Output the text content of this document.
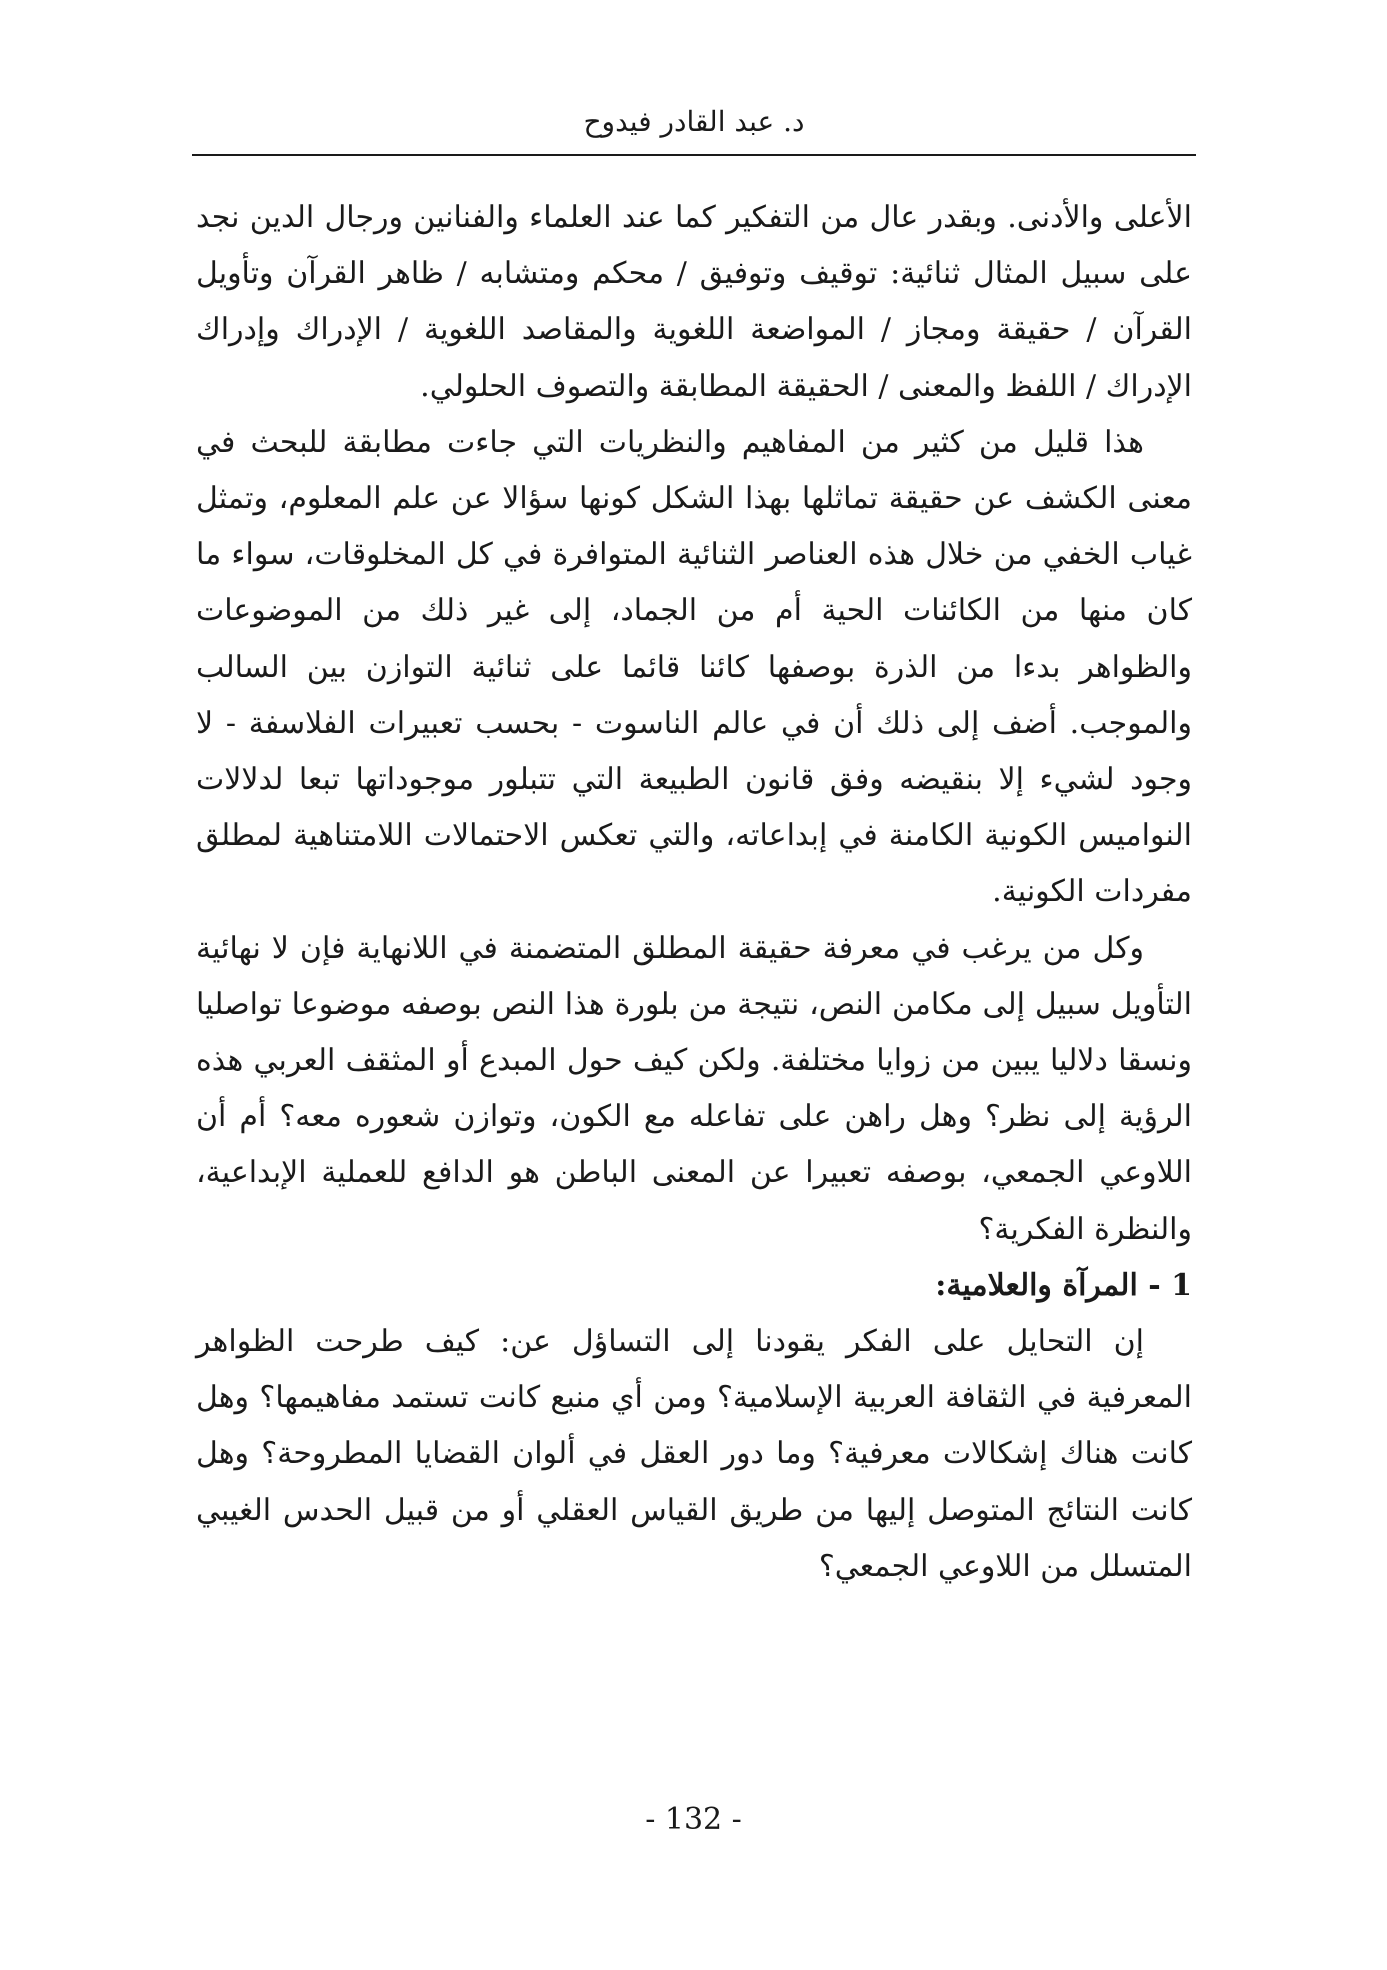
د. عبد القادر فيدوح

الأعلى والأدنى. وبقدر عال من التفكير كما عند العلماء والفنانين ورجال الدين نجد على سبيل المثال ثنائية: توقيف وتوفيق / محكم ومتشابه / ظاهر القرآن وتأويل القرآن / حقيقة ومجاز / المواضعة اللغوية والمقاصد اللغوية / الإدراك وإدراك الإدراك / اللفظ والمعنى / الحقيقة المطابقة والتصوف الحلولي.

هذا قليل من كثير من المفاهيم والنظريات التي جاءت مطابقة للبحث في معنى الكشف عن حقيقة تماثلها بهذا الشكل كونها سؤالا عن علم المعلوم، وتمثل غياب الخفي من خلال هذه العناصر الثنائية المتوافرة في كل المخلوقات، سواء ما كان منها من الكائنات الحية أم من الجماد، إلى غير ذلك من الموضوعات والظواهر بدءا من الذرة بوصفها كائنا قائما على ثنائية التوازن بين السالب والموجب. أضف إلى ذلك أن في عالم الناسوت - بحسب تعبيرات الفلاسفة - لا وجود لشيء إلا بنقيضه وفق قانون الطبيعة التي تتبلور موجوداتها تبعا لدلالات النواميس الكونية الكامنة في إبداعاته، والتي تعكس الاحتمالات اللامتناهية لمطلق مفردات الكونية.

وكل من يرغب في معرفة حقيقة المطلق المتضمنة في اللانهاية فإن لا نهائية التأويل سبيل إلى مكامن النص، نتيجة من بلورة هذا النص بوصفه موضوعا تواصليا ونسقا دلاليا يبين من زوايا مختلفة. ولكن كيف حول المبدع أو المثقف العربي هذه الرؤية إلى نظر؟ وهل راهن على تفاعله مع الكون، وتوازن شعوره معه؟ أم أن اللاوعي الجمعي، بوصفه تعبيرا عن المعنى الباطن هو الدافع للعملية الإبداعية، والنظرة الفكرية؟

1 - المرآة والعلامية:

إن التحايل على الفكر يقودنا إلى التساؤل عن: كيف طرحت الظواهر المعرفية في الثقافة العربية الإسلامية؟ ومن أي منبع كانت تستمد مفاهيمها؟ وهل كانت هناك إشكالات معرفية؟ وما دور العقل في ألوان القضايا المطروحة؟ وهل كانت النتائج المتوصل إليها من طريق القياس العقلي أو من قبيل الحدس الغيبي المتسلل من اللاوعي الجمعي؟

- 132 -
